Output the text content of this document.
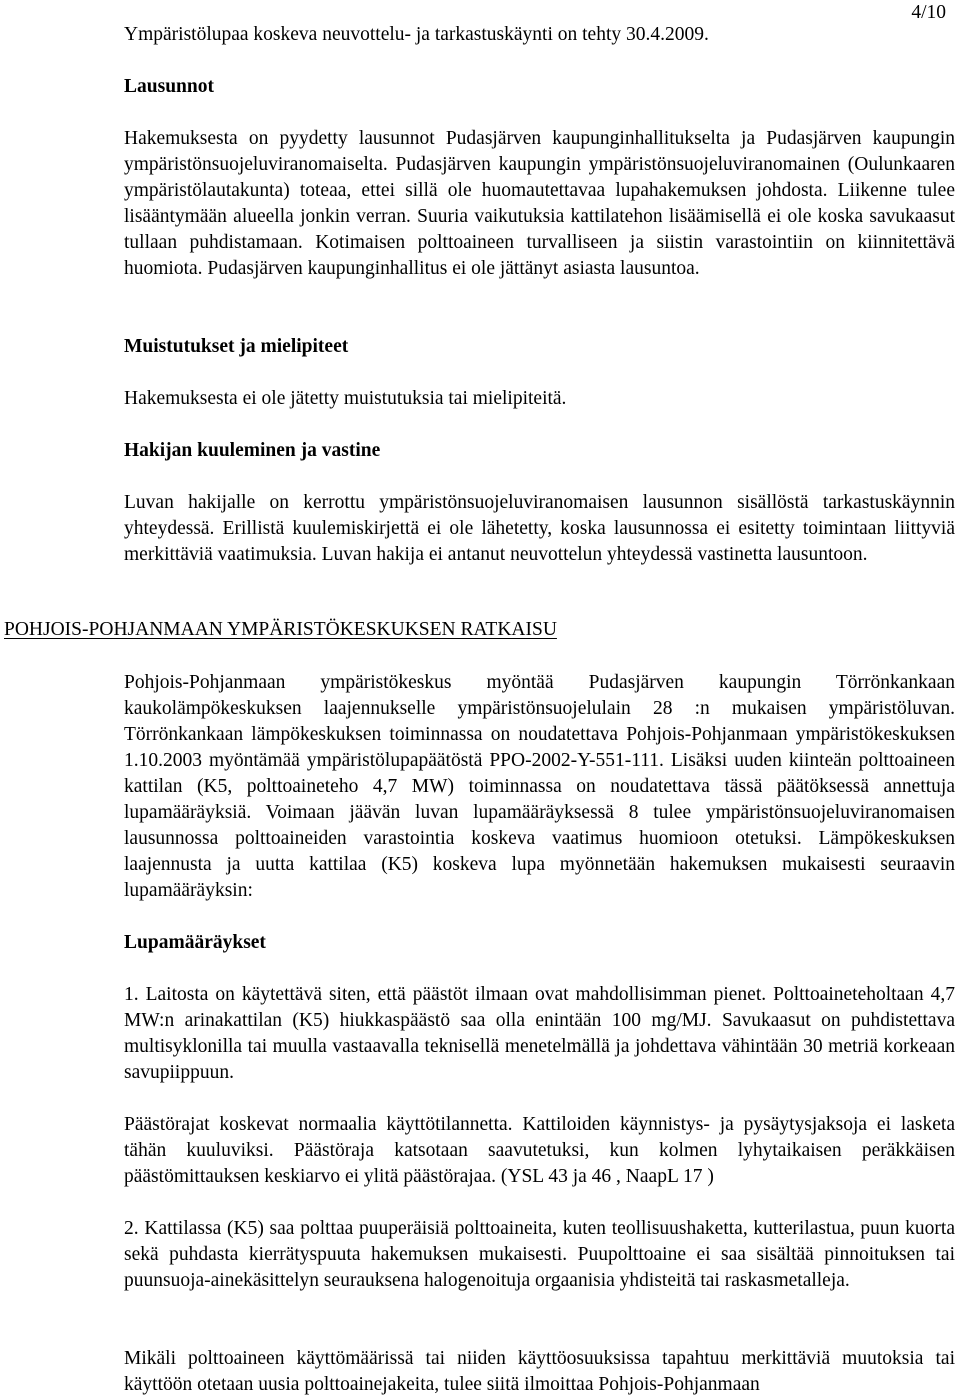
Ympäristölupaa koskeva neuvottelu- ja tarkastuskäynti on tehty 30.4.2009.
4/10
Lausunnot

Hakemuksesta on pyydetty lausunnot Pudasjärven kaupunginhallitukselta ja Pudasjärven kaupungin ympäristönsuojeluviranomaiselta. Pudasjärven kaupungin ympäristönsuojeluviranomainen (Oulunkaaren ympäristölautakunta) toteaa, ettei sillä ole huomautettavaa lupahakemuksen johdosta. Liikenne tulee lisääntymään alueella jonkin verran. Suuria vaikutuksia kattilatehon lisäämisellä ei ole koska savukaasut tullaan puhdistamaan. Kotimaisen polttoaineen turvalliseen ja siistin varastointiin on kiinnitettävä huomiota. Pudasjärven kaupunginhallitus ei ole jättänyt asiasta lausuntoa.

Muistutukset ja mielipiteet

Hakemuksesta ei ole jätetty muistutuksia tai mielipiteitä.

Hakijan kuuleminen ja vastine

Luvan hakijalle on kerrottu ympäristönsuojeluviranomaisen lausunnon sisällöstä tarkastuskäynnin yhteydessä. Erillistä kuulemiskirjettä ei ole lähetetty, koska lausunnossa ei esitetty toimintaan liittyviä merkittäviä vaatimuksia. Luvan hakija ei antanut neuvottelun yhteydessä vastinetta lausuntoon.

POHJOIS-POHJANMAAN YMPÄRISTÖKESKUKSEN RATKAISU

Pohjois-Pohjanmaan ympäristökeskus myöntää Pudasjärven kaupungin Törrönkankaan kaukolämpökeskuksen laajennukselle ympäristönsuojelulain 28 :n mukaisen ympäristöluvan. Törrönkankaan lämpökeskuksen toiminnassa on noudatettava Pohjois-Pohjanmaan ympäristökeskuksen 1.10.2003 myöntämää ympäristölupapäätöstä PPO-2002-Y-551-111. Lisäksi uuden kiinteän polttoaineen kattilan (K5, polttoaineteho 4,7 MW) toiminnassa on noudatettava tässä päätöksessä annettuja lupamääräyksiä. Voimaan jäävän luvan lupamääräyksessä 8 tulee ympäristönsuojeluviranomaisen lausunnossa polttoaineiden varastointia koskeva vaatimus huomioon otetuksi. Lämpökeskuksen laajennusta ja uutta kattilaa (K5) koskeva lupa myönnetään hakemuksen mukaisesti seuraavin lupamääräyksin:

Lupamääräykset

1. Laitosta on käytettävä siten, että päästöt ilmaan ovat mahdollisimman pienet. Polttoaineteholtaan 4,7 MW:n arinakattilan (K5) hiukkaspäästö saa olla enintään 100 mg/MJ. Savukaasut on puhdistettava multisyklonilla tai muulla vastaavalla teknisellä menetelmällä ja johdettava vähintään 30 metriä korkeaan savupiippuun.

Päästörajat koskevat normaalia käyttötilannetta. Kattiloiden käynnistys- ja pysäytysjaksoja ei lasketa tähän kuuluviksi. Päästöraja katsotaan saavutetuksi, kun kolmen lyhytaikaisen peräkkäisen päästömittauksen keskiarvo ei ylitä päästörajaa. (YSL 43 ja 46 , NaapL 17 )

2. Kattilassa (K5) saa polttaa puuperäisiä polttoaineita, kuten teollisuushaketta, kutterilastua, puun kuorta sekä puhdasta kierrätyspuuta hakemuksen mukaisesti. Puupolttoaine ei saa sisältää pinnoituksen tai puunsuoja-ainekäsittelyn seurauksena halogenoituja orgaanisia yhdisteitä tai raskasmetalleja.

Mikäli polttoaineen käyttömäärissä tai niiden käyttöosuuksissa tapahtuu merkittäviä muutoksia tai käyttöön otetaan uusia polttoainejakeita, tulee siitä ilmoittaa Pohjois-Pohjanmaan
